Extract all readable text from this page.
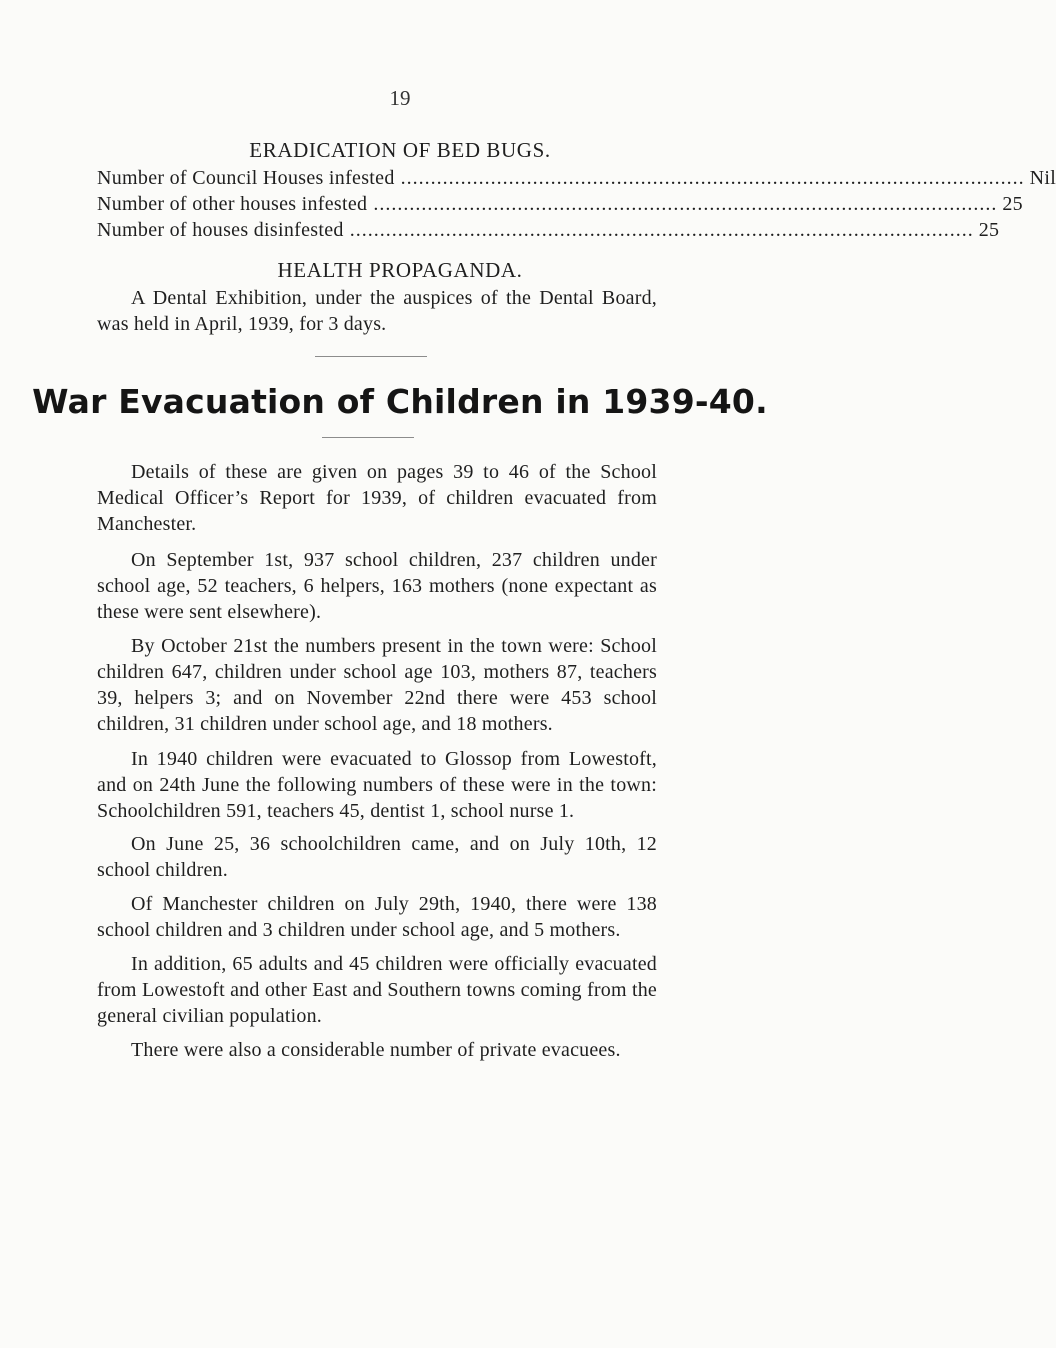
19
ERADICATION OF BED BUGS.
Number of Council Houses infested ........................................................................................................ Nil
Number of other houses infested ........................................................................................................ 25
Number of houses disinfested ........................................................................................................ 25
HEALTH PROPAGANDA.

A Dental Exhibition, under the auspices of the Dental Board, was held in April, 1939, for 3 days.

War Evacuation of Children in 1939-40.

Details of these are given on pages 39 to 46 of the School Medical Officer’s Report for 1939, of children evacuated from Manchester.

On September 1st, 937 school children, 237 children under school age, 52 teachers, 6 helpers, 163 mothers (none expectant as these were sent elsewhere).

By October 21st the numbers present in the town were: School children 647, children under school age 103, mothers 87, teachers 39, helpers 3; and on November 22nd there were 453 school children, 31 children under school age, and 18 mothers.

In 1940 children were evacuated to Glossop from Lowestoft, and on 24th June the following numbers of these were in the town: Schoolchildren 591, teachers 45, dentist 1, school nurse 1.

On June 25, 36 schoolchildren came, and on July 10th, 12 school children.

Of Manchester children on July 29th, 1940, there were 138 school children and 3 children under school age, and 5 mothers.

In addition, 65 adults and 45 children were officially evacuated from Lowestoft and other East and Southern towns coming from the general civilian population.

There were also a considerable number of private evacuees.
